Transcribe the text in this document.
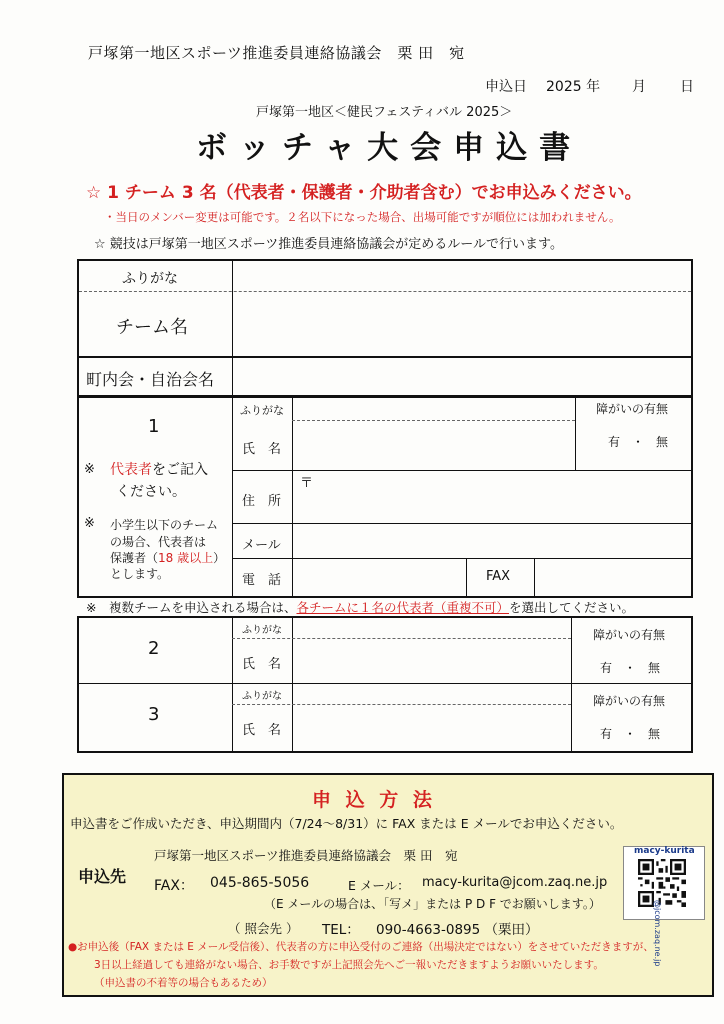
戸塚第一地区スポーツ推進委員連絡協議会　栗 田　宛
申込日 2025 年 月 日
戸塚第一地区＜健民フェスティバル 2025＞
ボッチャ大会申込書
☆ 1 チーム 3 名（代表者・保護者・介助者含む）でお申込みください。
・当日のメンバー変更は可能です。２名以下になった場合、出場可能ですが順位には加われません。
☆ 競技は戸塚第一地区スポーツ推進委員連絡協議会が定めるルールで行います。
ふりがな
チーム名
町内会・自治会名
1
※ 代表者をご記入
ください。
※ 小学生以下のチーム
の場合、代表者は
保護者（18 歳以上）
とします。
ふりがな
氏　名
住　所
〒
メール
電　話	FAX
障がいの有無
有　・　無
※　複数チームを申込される場合は、各チームに１名の代表者（重複不可）を選出してください。
2
ふりがな
氏　名
障がいの有無
有　・　無
3
ふりがな
氏　名
障がいの有無
有　・　無
申 込 方 法
申込書をご作成いただき、申込期間内（7/24～8/31）に FAX または E メールでお申込ください。
申込先
戸塚第一地区スポーツ推進委員連絡協議会　栗 田　宛
FAX： 045-865-5056	E メール： macy-kurita@jcom.zaq.ne.jp
（E メールの場合は、「写メ」または P D F でお願いします。）
（ 照会先 ） TEL： 090-4663-0895 （栗田）
●お申込後（FAX または E メール受信後）、代表者の方に申込受付のご連絡（出場決定ではない）をさせていただきますが、
3日以上経過しても連絡がない場合、お手数ですが上記照会先へご一報いただきますようお願いいたします。
（申込書の不着等の場合もあるため）
macy-kurita
@jcom.zaq.ne.jp
